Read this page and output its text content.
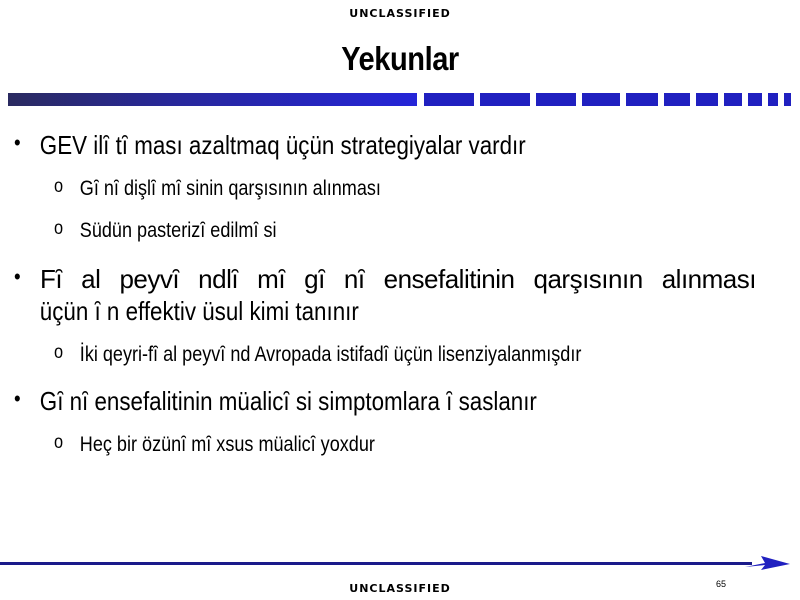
UNCLASSIFIED
Yekunlar
• GEV ilȋ tȋ ması azaltmaq üçün strategiyalar vardır
o Gȋ nȋ dişlȋ mȋ sinin qarşısının alınması
o Südün pasterizȋ edilmȋ si
• Fȋ al peyvȋ ndlȋ mȋ gȋ nȋ ensefalitinin qarşısının alınması
üçün ȋ n effektiv üsul kimi tanınır
o İki qeyri-fȋ al peyvȋ nd Avropada istifadȋ üçün lisenziyalanmışdır
• Gȋ nȋ ensefalitinin müalicȋ si simptomlara ȋ saslanır
o Heç bir özünȋ mȋ xsus müalicȋ yoxdur
65
UNCLASSIFIED
